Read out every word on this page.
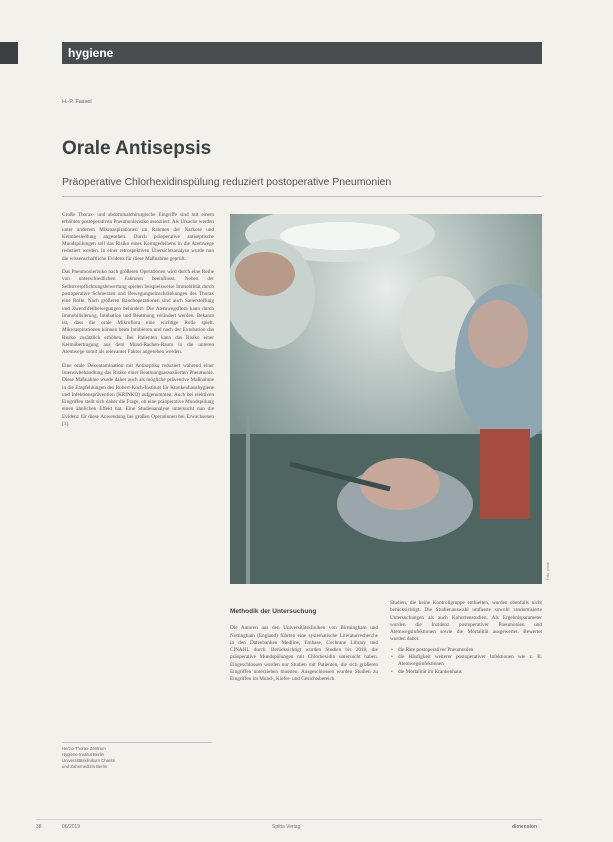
hygiene
H.-P. Fassel
Orale Antisepsis
Präoperative Chlorhexidinspülung reduziert postoperative Pneumonien

Große Thorax- und abdominalchirurgische Eingriffe sind mit einem erhöhten postoperativen Pneumonierisiko assoziiert. Als Ursache werden unter anderem Mikroaspirationen im Rahmen der Narkose und Keimbesiedlung angesehen. Durch präoperative antiseptische Mundspülungen soll das Risiko eines Keimgedeihens in die Atemwege reduziert werden. In einer retrospektiven Übersichtsanalyse wurde nun die wissenschaftliche Evidenz für diese Maßnahme geprüft.

Das Pneumonierisiko nach größeren Operationen wird durch eine Reihe von unterschiedlichen Faktoren beeinflusst. Neben der Selbstverpflichtungsbewertung spielen beispielsweise Immobilität durch postoperative Schmerzen und Bewegungseinschränkungen des Thorax eine Rolle. Nach größeren Bauchoperationen sind auch Sauerstoffung und Zwerchfellbewegungen behindert. Die Atemwegsflora kann durch Immobilisierung, Intubation und Beatmung verändert werden. Bekannt ist, dass die orale Mikroflora eine wichtige Rolle spielt. Mikroaspirationen können beim Intubieren und nach der Extubation das Risiko zusätzlich erhöhen. Bei Patienten kann das Risiko einer Keimübertragung aus dem Mund-Rachen-Raum in die unteren Atemwege somit als relevanter Faktor angesehen werden.

Eine orale Dekontamination mit Antiseptika reduziert während einer Intensivbehandlung das Risiko einer Beatmungsassoziierten Pneumonie. Diese Maßnahme wurde daher auch als mögliche präventive Maßnahme in die Empfehlungen des Robert-Koch-Instituts für Krankenhaushygiene und Infektionsprävention (KRINKO) aufgenommen. Auch bei elektiven Eingriffen stellt sich daher die Frage, ob eine präoperative Mundspülung einen ähnlichen Effekt hat. Eine Studienanalyse untersucht nun die Evidenz für diese Anwendung bei großen Operationen bei Erwachsenen [1].

Herzo-Thorax-Zentrum
Hygiene-Institut Berlin
Universitätsklinikum Charité
und Zahnmedizin Berlin
Foto: privat
Methodik der Untersuchung

Die Autoren aus den Universitätskliniken von Birmingham und Nottingham (England) führten eine systematische Literaturrecherche in den Datenbanken Medline, Embase, Cochrane Library und CINAHL durch. Berücksichtigt wurden Studien bis 2018, die präoperative Mundspülungen mit Chlorhexidin untersucht haben. Eingeschlossen wurden nur Studien mit Patienten, die sich größeren Eingriffen unterziehen mussten. Ausgeschlossen wurden Studien zu Eingriffen im Mund-, Kiefer- und Gesichtsbereich.

Studien, die keine Kontrollgruppe enthielten, wurden ebenfalls nicht berücksichtigt. Die Studienauswahl umfasste sowohl randomisierte Untersuchungen als auch Kohortenstudien. Als Ergebnisparameter wurden die Inzidenz postoperativer Pneumonien und Atemwegsinfektionen sowie die Mortalität ausgewertet. Bewertet wurden dabei:

• die Rate postoperativer Pneumonien
• die Häufigkeit weiterer postoperativer Infektionen wie z. B. Atemwegsinfektionen
• die Mortalität im Krankenhaus
38	06/2019	Spitta Verlag	dimension
